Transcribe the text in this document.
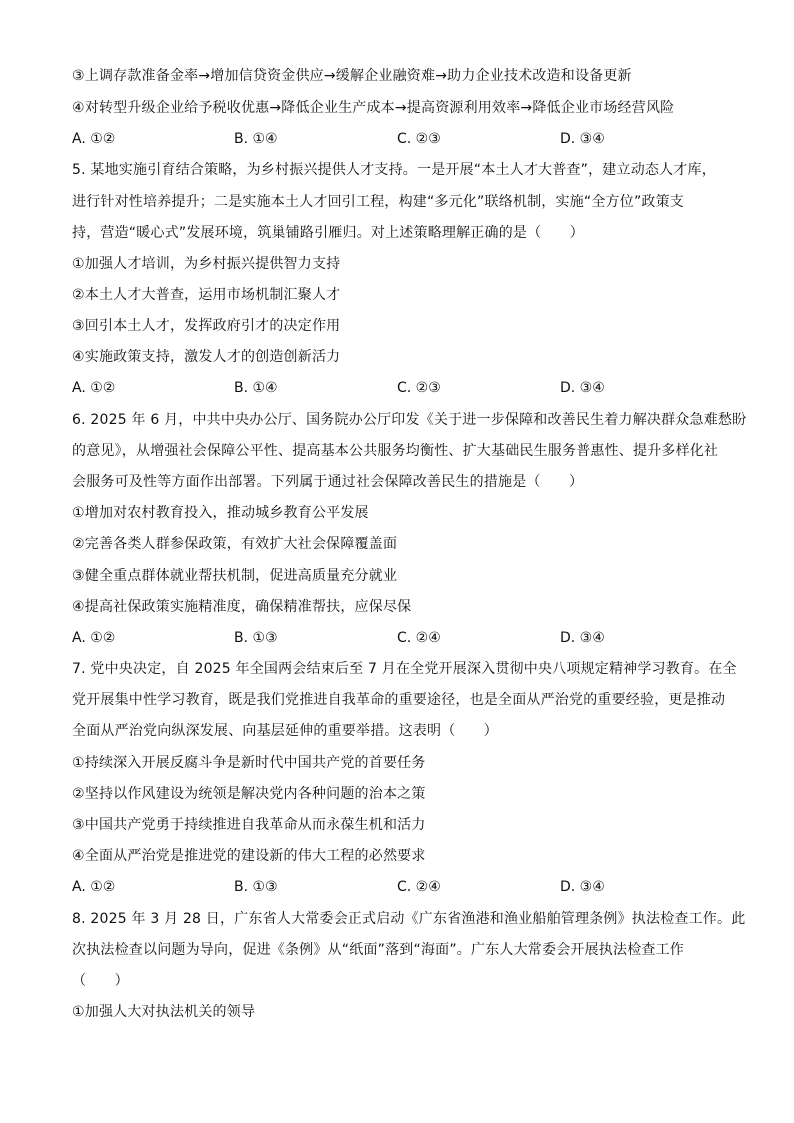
③上调存款准备金率→增加信贷资金供应→缓解企业融资难→助力企业技术改造和设备更新
④对转型升级企业给予税收优惠→降低企业生产成本→提高资源利用效率→降低企业市场经营风险
A. ①②	B. ①④	C. ②③	D. ③④
5. 某地实施引育结合策略，为乡村振兴提供人才支持。一是开展“本土人才大普查”，建立动态人才库，
进行针对性培养提升；二是实施本土人才回引工程，构建“多元化”联络机制，实施“全方位”政策支
持，营造“暖心式”发展环境，筑巢铺路引雁归。对上述策略理解正确的是（　　）
①加强人才培训，为乡村振兴提供智力支持
②本土人才大普查，运用市场机制汇聚人才
③回引本土人才，发挥政府引才的决定作用
④实施政策支持，激发人才的创造创新活力
A. ①②	B. ①④	C. ②③	D. ③④
6. 2025 年 6 月，中共中央办公厅、国务院办公厅印发《关于进一步保障和改善民生着力解决群众急难愁盼
的意见》，从增强社会保障公平性、提高基本公共服务均衡性、扩大基础民生服务普惠性、提升多样化社
会服务可及性等方面作出部署。下列属于通过社会保障改善民生的措施是（　　）
①增加对农村教育投入，推动城乡教育公平发展
②完善各类人群参保政策，有效扩大社会保障覆盖面
③健全重点群体就业帮扶机制，促进高质量充分就业
④提高社保政策实施精准度，确保精准帮扶，应保尽保
A. ①②	B. ①③	C. ②④	D. ③④
7. 党中央决定，自 2025 年全国两会结束后至 7 月在全党开展深入贯彻中央八项规定精神学习教育。在全
党开展集中性学习教育，既是我们党推进自我革命的重要途径，也是全面从严治党的重要经验，更是推动
全面从严治党向纵深发展、向基层延伸的重要举措。这表明（　　）
①持续深入开展反腐斗争是新时代中国共产党的首要任务
②坚持以作风建设为统领是解决党内各种问题的治本之策
③中国共产党勇于持续推进自我革命从而永葆生机和活力
④全面从严治党是推进党的建设新的伟大工程的必然要求
A. ①②	B. ①③	C. ②④	D. ③④
8. 2025 年 3 月 28 日，广东省人大常委会正式启动《广东省渔港和渔业船舶管理条例》执法检查工作。此
次执法检查以问题为导向，促进《条例》从“纸面”落到“海面”。广东人大常委会开展执法检查工作
（　　）
①加强人大对执法机关的领导
